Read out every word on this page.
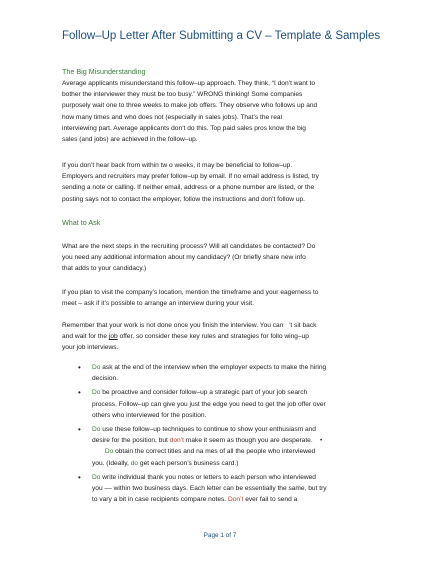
Follow–Up Letter After Submitting a CV – Template & Samples
The Big Misunderstanding
Average applicants misunderstand this follow–up approach. They think, “I don’t want to
bother the interviewer they must be too busy.” WRONG thinking! Some companies
purposely wait one to three weeks to make job offers. They observe who follows up and
how many times and who does not (especially in sales jobs). That’s the real
interviewing part. Average applicants don’t do this. Top paid sales pros know the big
sales (and jobs) are achieved in the follow–up.
If you don’t hear back from within tw o weeks, it may be beneficial to follow–up.
Employers and recruiters may prefer follow–up by email. If no email address is listed, try
sending a note or calling. If neither email, address or a phone number are listed, or the
posting says not to contact the employer, follow the instructions and don’t follow up.
What to Ask
What are the next steps in the recruiting process? Will all candidates be contacted? Do
you need any additional information about my candidacy? (Or briefly share new info
that adds to your candidacy.)
If you plan to visit the company’s location, mention the timeframe and your eagerness to
meet – ask if it’s possible to arrange an interview during your visit.
Remember that your work is not done once you finish the interview. You can ’t sit back
and wait for the job offer, so consider these key rules and strategies for follo wing–up
your job interviews.
• Do ask at the end of the interview when the employer expects to make the hiring
decision.
• Do be proactive and consider follow–up a strategic part of your job search
process. Follow–up can give you just the edge you need to get the job offer over
others who interviewed for the position.
• Do use these follow–up techniques to continue to show your enthusiasm and
desire for the position, but don’t make it seem as though you are desperate. •
Do obtain the correct titles and na mes of all the people who interviewed
you. (Ideally, do get each person’s business card.)
• Do write individual thank you notes or letters to each person who interviewed
you –– within two business days. Each letter can be essentially the same, but try
to vary a bit in case recipients compare notes. Don’t ever fail to send a
Page 1 of 7
